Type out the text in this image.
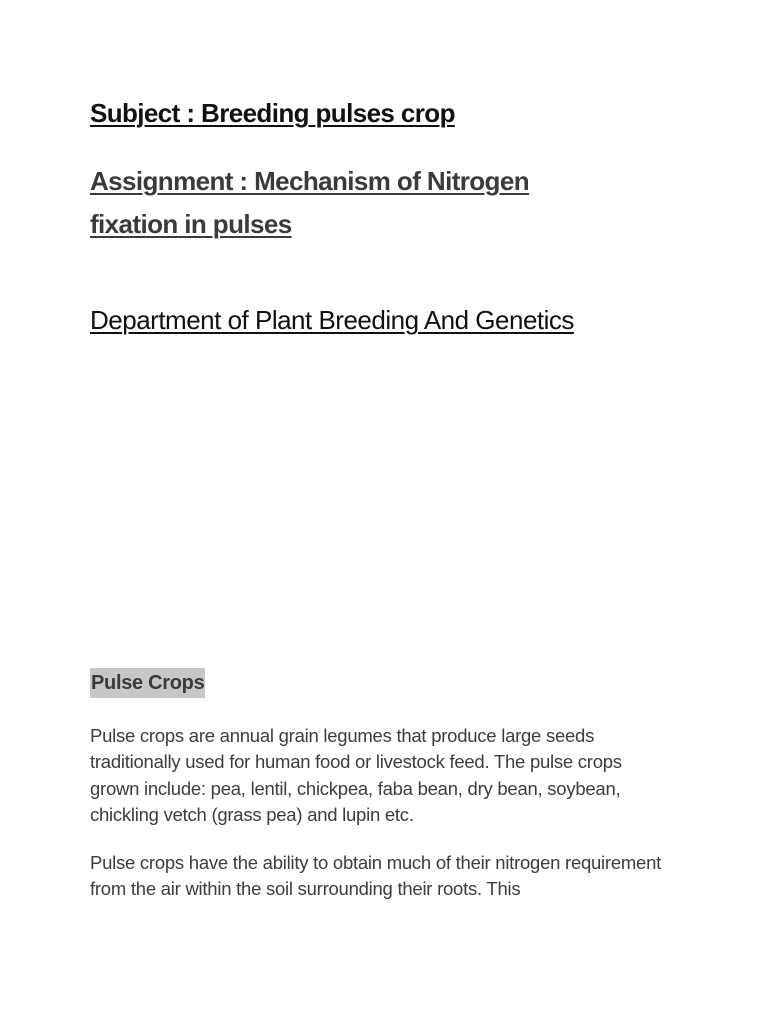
Subject : Breeding pulses crop
Assignment : Mechanism of Nitrogen fixation in pulses
Department of Plant Breeding And Genetics
Pulse Crops

Pulse crops are annual grain legumes that produce large seeds traditionally used for human food or livestock feed. The pulse crops grown include: pea, lentil, chickpea, faba bean, dry bean, soybean, chickling vetch (grass pea) and lupin etc.

Pulse crops have the ability to obtain much of their nitrogen requirement from the air within the soil surrounding their roots. This
